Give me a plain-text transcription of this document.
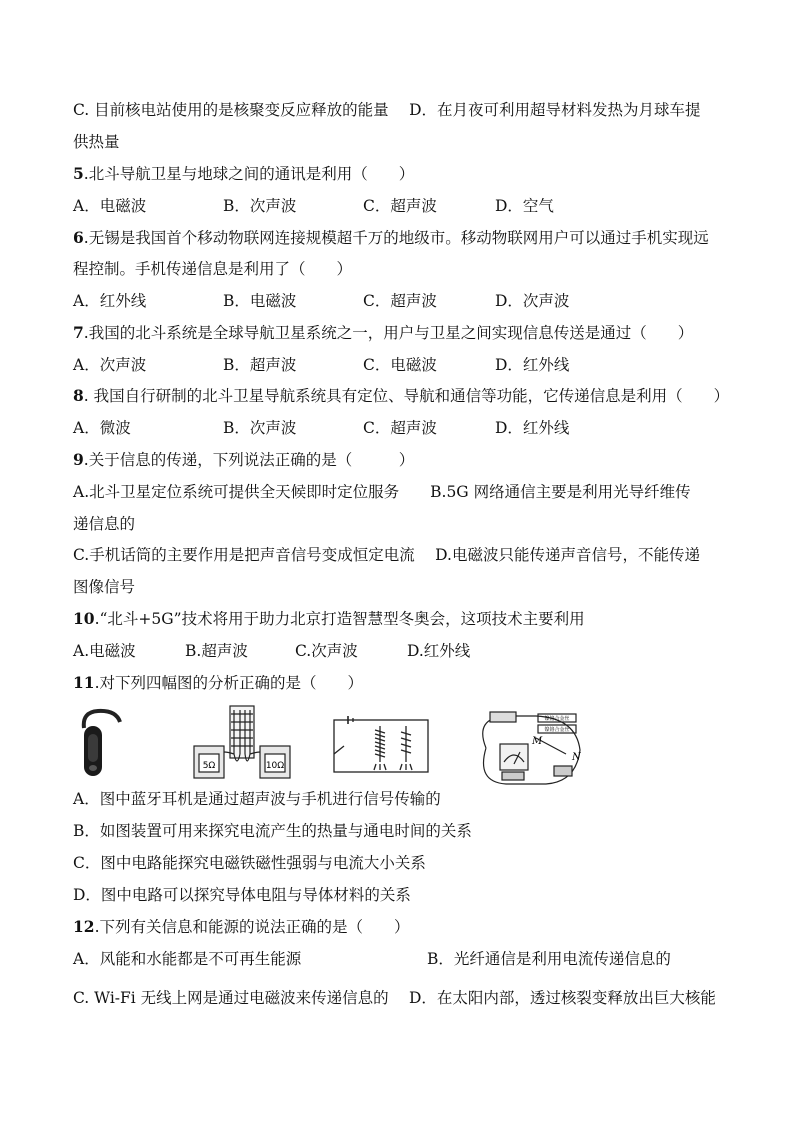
C. 目前核电站使用的是核聚变反应释放的能量　 D．在月夜可利用超导材料发热为月球车提
供热量
5.北斗导航卫星与地球之间的通讯是利用（　　）
A．电磁波	B．次声波	C．超声波	D．空气
6.无锡是我国首个移动物联网连接规模超千万的地级市。移动物联网用户可以通过手机实现远
程控制。手机传递信息是利用了（　　）
A．红外线	B．电磁波	C．超声波	D．次声波
7.我国的北斗系统是全球导航卫星系统之一，用户与卫星之间实现信息传送是通过（　　）
A．次声波	B．超声波	C．电磁波	D．红外线
8. 我国自行研制的北斗卫星导航系统具有定位、导航和通信等功能，它传递信息是利用（　　）
A．微波	B．次声波	C．超声波	D．红外线
9.关于信息的传递，下列说法正确的是（　　　）
A.北斗卫星定位系统可提供全天候即时定位服务　　B.5G 网络通信主要是利用光导纤维传
递信息的
C.手机话筒的主要作用是把声音信号变成恒定电流　 D.电磁波只能传递声音信号，不能传递
图像信号
10.“北斗+5G”技术将用于助力北京打造智慧型冬奥会，这项技术主要利用
A.电磁波	B.超声波	C.次声波	D.红外线
11.对下列四幅图的分析正确的是（　　）
5Ω	10Ω
镍铬合金丝
镍铬合金丝
M
N
A．图中蓝牙耳机是通过超声波与手机进行信号传输的
B．如图装置可用来探究电流产生的热量与通电时间的关系
C．图中电路能探究电磁铁磁性强弱与电流大小关系
D．图中电路可以探究导体电阻与导体材料的关系
12.下列有关信息和能源的说法正确的是（　　）
A．风能和水能都是不可再生能源	B．光纤通信是利用电流传递信息的
C. Wi-Fi 无线上网是通过电磁波来传递信息的 D．在太阳内部，透过核裂变释放出巨大核能
